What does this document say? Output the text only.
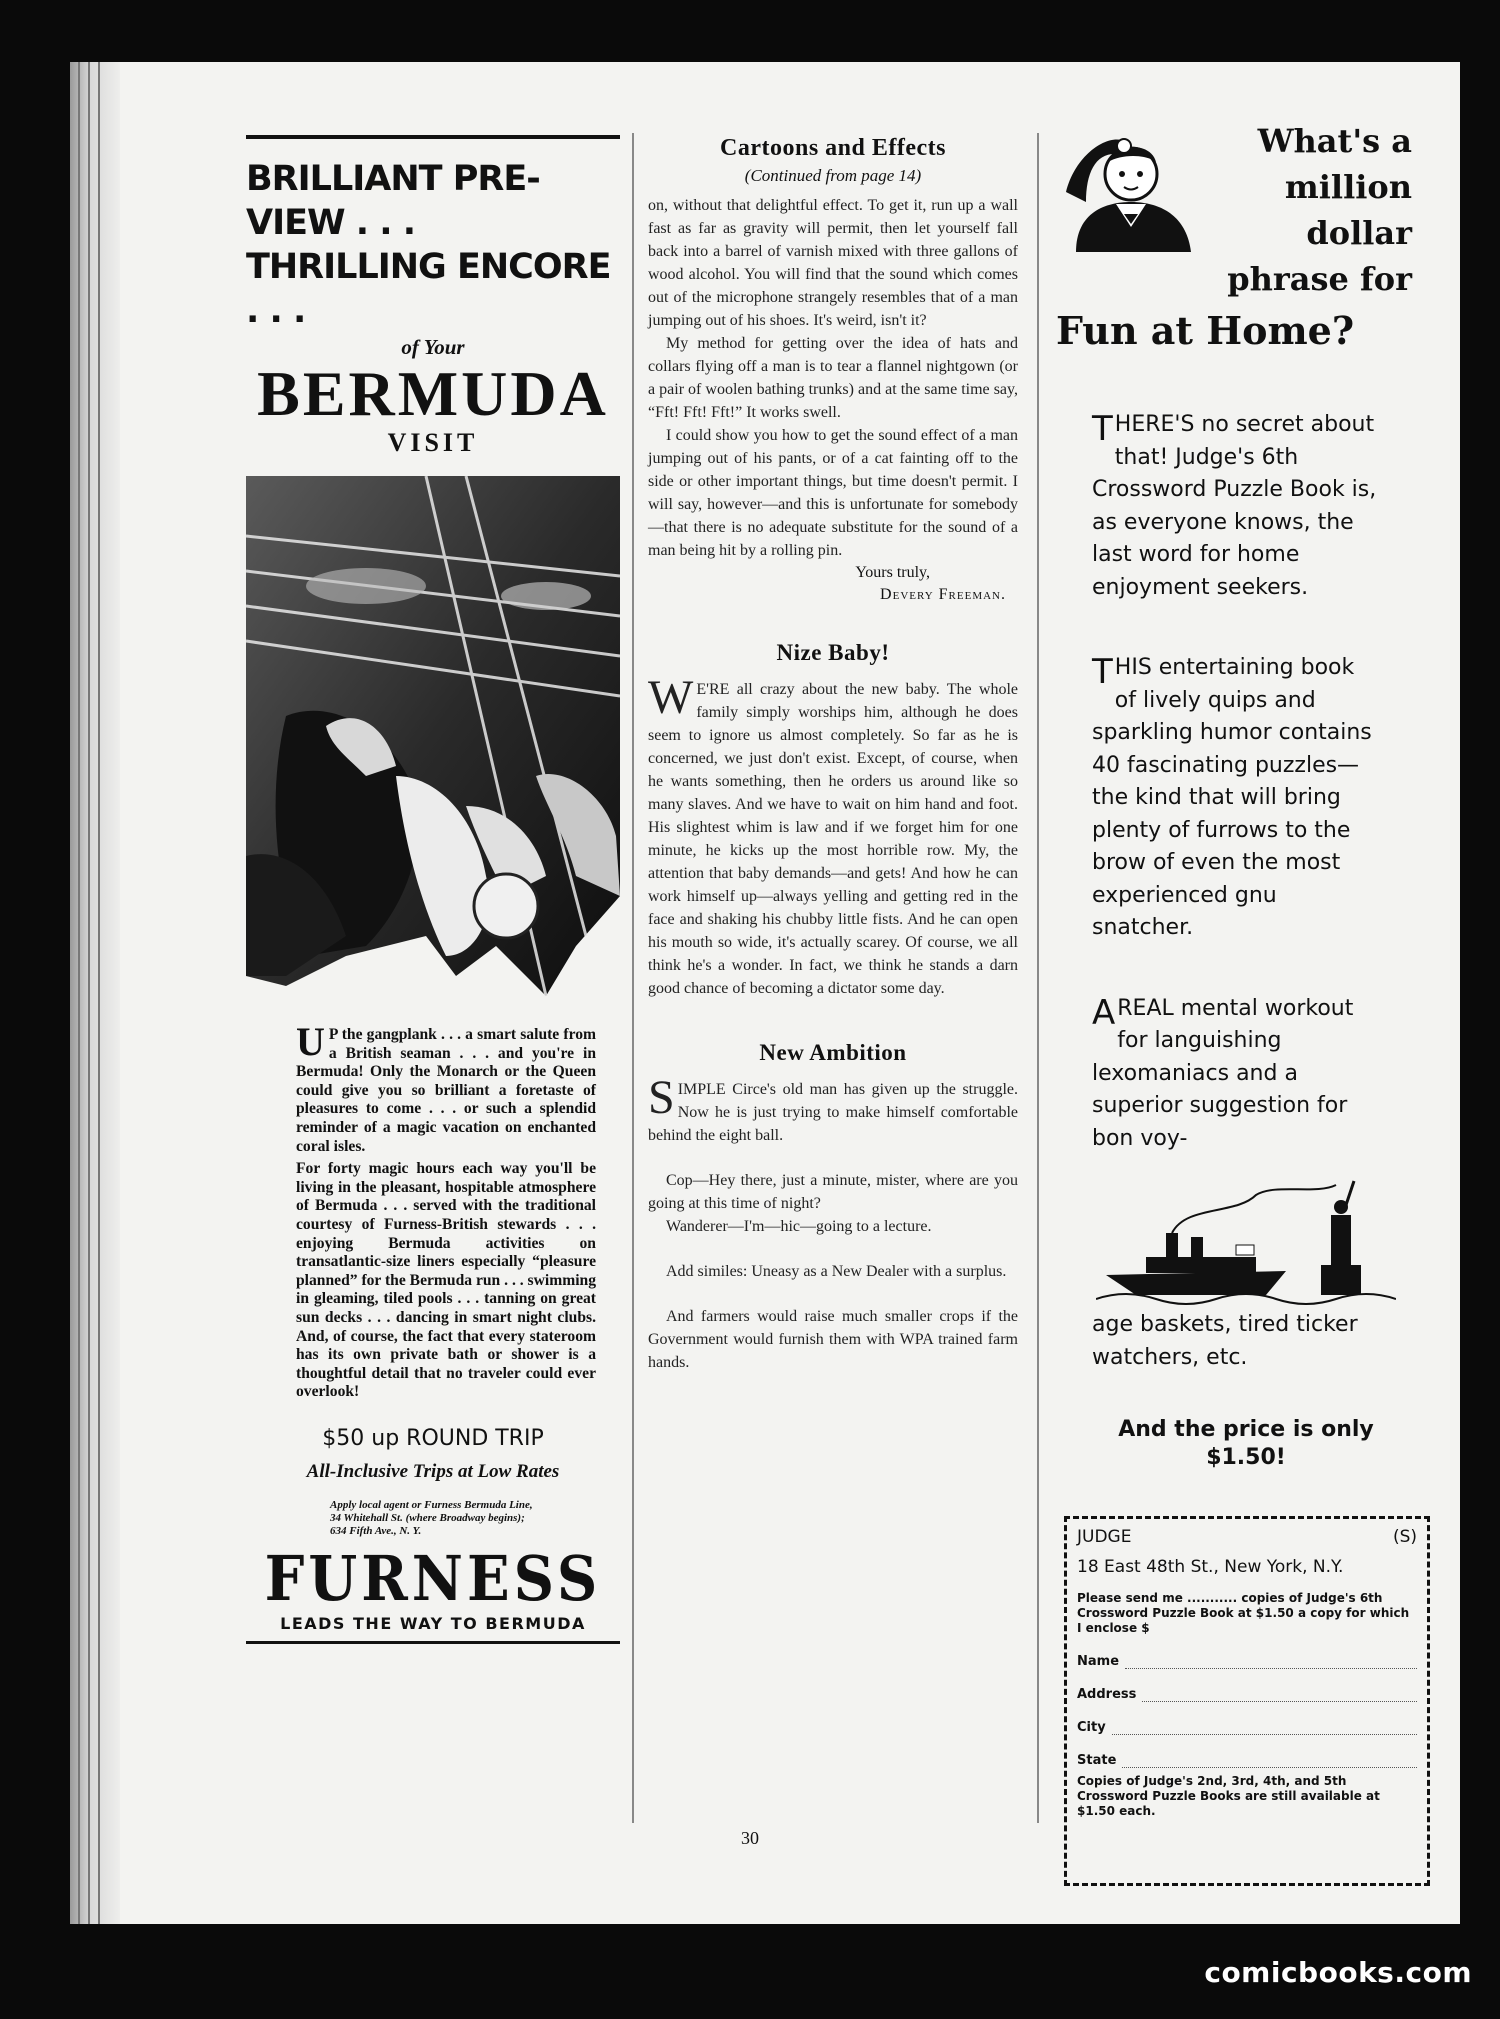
BRILLIANT PRE-VIEW . . .
THRILLING ENCORE . . .
of Your
BERMUDA
VISIT
U P the gangplank . . . a smart salute from a British seaman . . . and you're in Bermuda! Only the Monarch or the Queen could give you so brilliant a foretaste of pleasures to come . . . or such a splendid reminder of a magic vacation on enchanted coral isles.
For forty magic hours each way you'll be living in the pleasant, hospitable atmosphere of Bermuda . . . served with the traditional courtesy of Furness-British stewards . . . enjoying Bermuda activities on transatlantic-size liners especially “pleasure planned” for the Bermuda run . . . swimming in gleaming, tiled pools . . . tanning on great sun decks . . . dancing in smart night clubs. And, of course, the fact that every stateroom has its own private bath or shower is a thoughtful detail that no traveler could ever overlook!
$50 up ROUND TRIP
All-Inclusive Trips at Low Rates
Apply local agent or Furness Bermuda Line, 34 Whitehall St. (where Broadway begins); 634 Fifth Ave., N. Y.
FURNESS
LEADS THE WAY TO BERMUDA
Cartoons and Effects
(Continued from page 14)

on, without that delightful effect. To get it, run up a wall fast as far as gravity will permit, then let yourself fall back into a barrel of varnish mixed with three gallons of wood alcohol. You will find that the sound which comes out of the microphone strangely resembles that of a man jumping out of his shoes. It's weird, isn't it?

My method for getting over the idea of hats and collars flying off a man is to tear a flannel nightgown (or a pair of woolen bathing trunks) and at the same time say, “Fft! Fft! Fft!” It works swell.

I could show you how to get the sound effect of a man jumping out of his pants, or of a cat fainting off to the side or other important things, but time doesn't permit. I will say, however—and this is unfortunate for somebody—that there is no adequate substitute for the sound of a man being hit by a rolling pin.

Yours truly,
Devery Freeman.
Nize Baby!

W E'RE all crazy about the new baby. The whole family simply worships him, although he does seem to ignore us almost completely. So far as he is concerned, we just don't exist. Except, of course, when he wants something, then he orders us around like so many slaves. And we have to wait on him hand and foot. His slightest whim is law and if we forget him for one minute, he kicks up the most horrible row. My, the attention that baby demands—and gets! And how he can work himself up—always yelling and getting red in the face and shaking his chubby little fists. And he can open his mouth so wide, it's actually scarey. Of course, we all think he's a wonder. In fact, we think he stands a darn good chance of becoming a dictator some day.

New Ambition

SIMPLE Circe's old man has given up the struggle. Now he is just trying to make himself comfortable behind the eight ball.

Cop—Hey there, just a minute, mister, where are you going at this time of night?

Wanderer—I'm—hic—going to a lecture.

Add similes: Uneasy as a New Dealer with a surplus.

And farmers would raise much smaller crops if the Government would furnish them with WPA trained farm hands.

30
What's a
million
dollar
phrase for
Fun at Home?
THERE'S no secret about that! Judge's 6th Crossword Puzzle Book is, as everyone knows, the last word for home enjoyment seekers.
THIS entertaining book of lively quips and sparkling humor contains 40 fascinating puzzles—the kind that will bring plenty of furrows to the brow of even the most experienced gnu snatcher.
AREAL mental workout for languishing lexomaniacs and a superior suggestion for bon voy-
age baskets, tired ticker watchers, etc.
And the price is only
$1.50!
JUDGE	(S)
18 East 48th St., New York, N.Y.
Please send me ........... copies of Judge's 6th Crossword Puzzle Book at $1.50 a copy for which I enclose $
Name
Address
City
State
Copies of Judge's 2nd, 3rd, 4th, and 5th Crossword Puzzle Books are still available at $1.50 each.
comicbooks.com
